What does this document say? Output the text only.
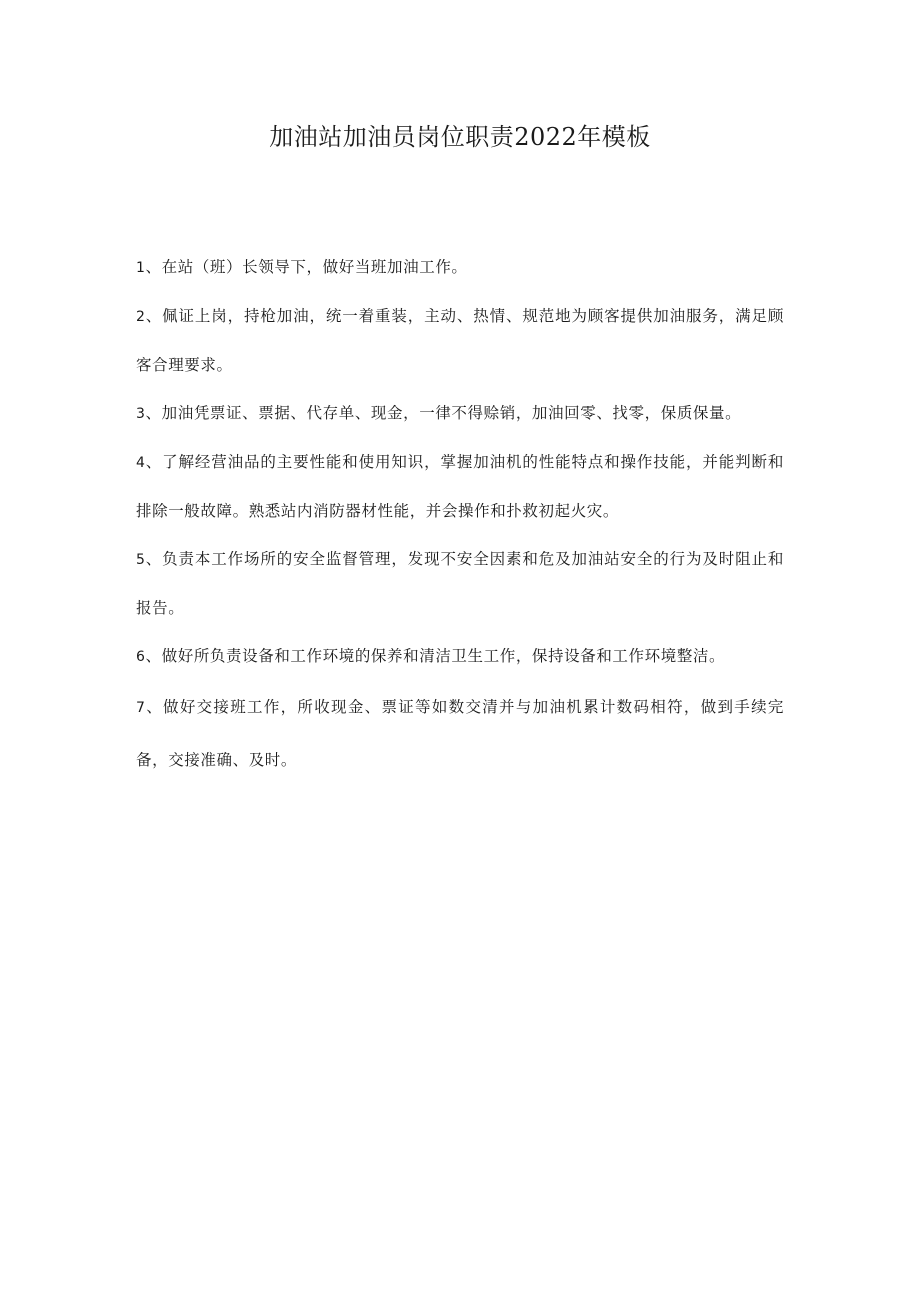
加油站加油员岗位职责2022年模板
1、在站（班）长领导下，做好当班加油工作。
2、佩证上岗，持枪加油，统一着重装，主动、热情、规范地为顾客提供加油服务，满足顾客合理要求。
3、加油凭票证、票据、代存单、现金，一律不得赊销，加油回零、找零，保质保量。
4、了解经营油品的主要性能和使用知识，掌握加油机的性能特点和操作技能，并能判断和排除一般故障。熟悉站内消防器材性能，并会操作和扑救初起火灾。
5、负责本工作场所的安全监督管理，发现不安全因素和危及加油站安全的行为及时阻止和报告。
6、做好所负责设备和工作环境的保养和清洁卫生工作，保持设备和工作环境整洁。
7、做好交接班工作，所收现金、票证等如数交清并与加油机累计数码相符，做到手续完备，交接准确、及时。
